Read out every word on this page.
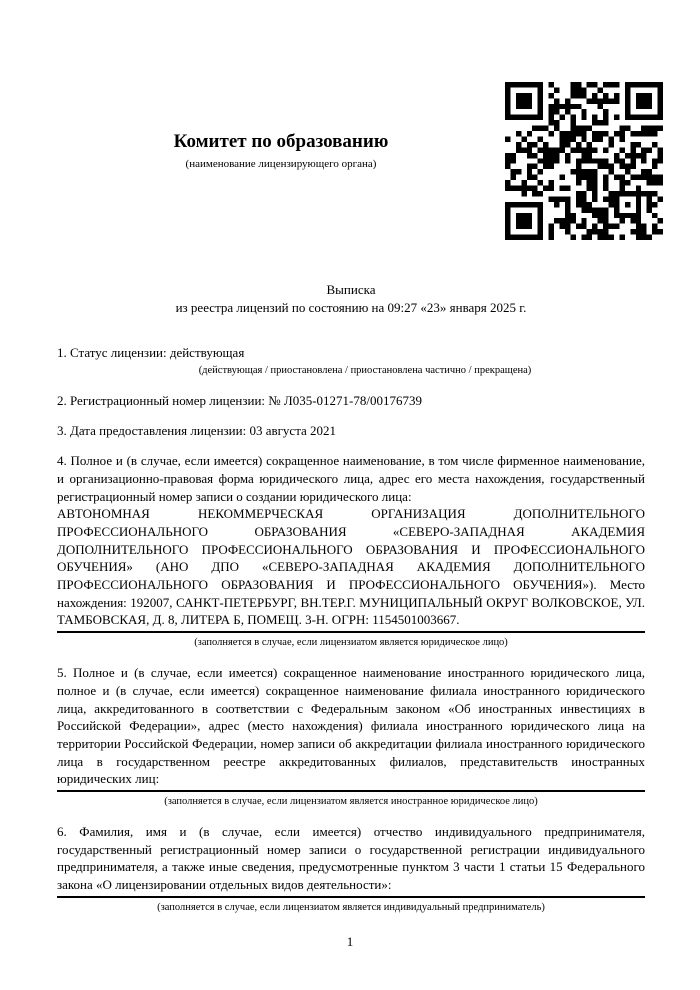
Комитет по образованию
(наименование лицензирующего органа)
Выписка
из реестра лицензий по состоянию на 09:27 «23» января 2025 г.

1. Статус лицензии: действующая

(действующая / приостановлена / приостановлена частично / прекращена)

2. Регистрационный номер лицензии: № Л035-01271-78/00176739

3. Дата предоставления лицензии: 03 августа 2021

4. Полное и (в случае, если имеется) сокращенное наименование, в том числе фирменное наименование, и организационно-правовая форма юридического лица, адрес его места нахождения, государственный регистрационный номер записи о создании юридического лица:

АВТОНОМНАЯ НЕКОММЕРЧЕСКАЯ ОРГАНИЗАЦИЯ ДОПОЛНИТЕЛЬНОГО ПРОФЕССИОНАЛЬНОГО ОБРАЗОВАНИЯ «СЕВЕРО-ЗАПАДНАЯ АКАДЕМИЯ ДОПОЛНИТЕЛЬНОГО ПРОФЕССИОНАЛЬНОГО ОБРАЗОВАНИЯ И ПРОФЕССИОНАЛЬНОГО ОБУЧЕНИЯ» (АНО ДПО «СЕВЕРО-ЗАПАДНАЯ АКАДЕМИЯ ДОПОЛНИТЕЛЬНОГО ПРОФЕССИОНАЛЬНОГО ОБРАЗОВАНИЯ И ПРОФЕССИОНАЛЬНОГО ОБУЧЕНИЯ»). Место нахождения: 192007, САНКТ-ПЕТЕРБУРГ, ВН.ТЕР.Г. МУНИЦИПАЛЬНЫЙ ОКРУГ ВОЛКОВСКОЕ, УЛ. ТАМБОВСКАЯ, Д. 8, ЛИТЕРА Б, ПОМЕЩ. 3-Н. ОГРН: 1154501003667.

(заполняется в случае, если лицензиатом является юридическое лицо)

5. Полное и (в случае, если имеется) сокращенное наименование иностранного юридического лица, полное и (в случае, если имеется) сокращенное наименование филиала иностранного юридического лица, аккредитованного в соответствии с Федеральным законом «Об иностранных инвестициях в Российской Федерации», адрес (место нахождения) филиала иностранного юридического лица на территории Российской Федерации, номер записи об аккредитации филиала иностранного юридического лица в государственном реестре аккредитованных филиалов, представительств иностранных юридических лиц:

(заполняется в случае, если лицензиатом является иностранное юридическое лицо)

6. Фамилия, имя и (в случае, если имеется) отчество индивидуального предпринимателя, государственный регистрационный номер записи о государственной регистрации индивидуального предпринимателя, а также иные сведения, предусмотренные пунктом 3 части 1 статьи 15 Федерального закона «О лицензировании отдельных видов деятельности»:

(заполняется в случае, если лицензиатом является индивидуальный предприниматель)
1
